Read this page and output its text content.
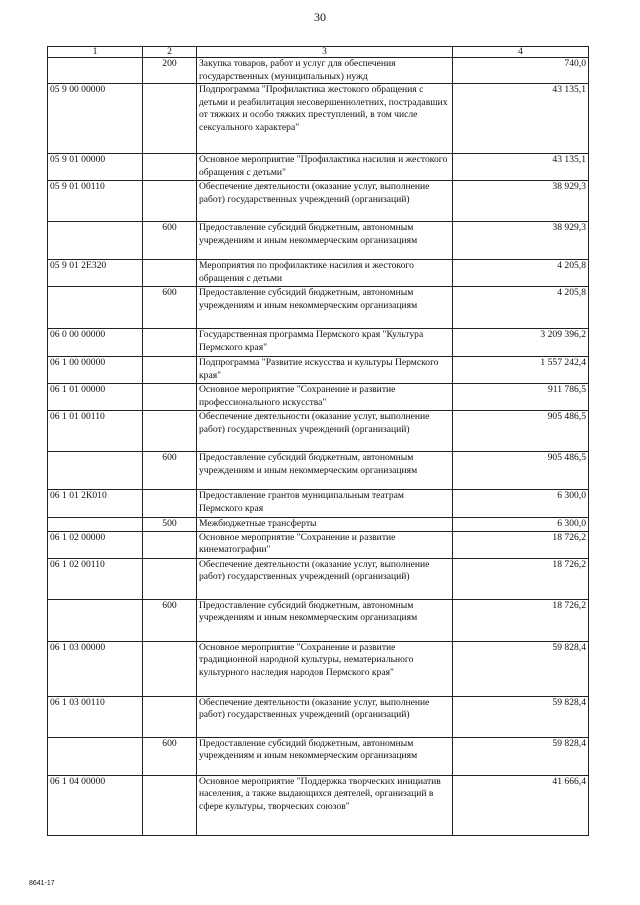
30
1	2	3	4
	200	Закупка товаров, работ и услуг для обеспечения государственных (муниципальных) нужд	740,0
05 9 00 00000		Подпрограмма "Профилактика жестокого обращения с детьми и реабилитация несовершеннолетних, пострадавших от тяжких и особо тяжких преступлений, в том числе сексуального характера"	43 135,1
05 9 01 00000		Основное мероприятие "Профилактика насилия и жестокого обращения с детьми"	43 135,1
05 9 01 00110		Обеспечение деятельности (оказание услуг, выполнение работ) государственных учреждений (организаций)	38 929,3
	600	Предоставление субсидий бюджетным, автономным учреждениям и иным некоммерческим организациям	38 929,3
05 9 01 2Е320		Мероприятия по профилактике насилия и жестокого обращения с детьми	4 205,8
	600	Предоставление субсидий бюджетным, автономным учреждениям и иным некоммерческим организациям	4 205,8
06 0 00 00000		Государственная программа Пермского края "Культура Пермского края"	3 209 396,2
06 1 00 00000		Подпрограмма "Развитие искусства и культуры Пермского края"	1 557 242,4
06 1 01 00000		Основное мероприятие "Сохранение и развитие профессионального искусства"	911 786,5
06 1 01 00110		Обеспечение деятельности (оказание услуг, выполнение работ) государственных учреждений (организаций)	905 486,5
	600	Предоставление субсидий бюджетным, автономным учреждениям и иным некоммерческим организациям	905 486,5
06 1 01 2К010		Предоставление грантов муниципальным театрам Пермского края	6 300,0
	500	Межбюджетные трансферты	6 300,0
06 1 02 00000		Основное мероприятие "Сохранение и развитие кинематографии"	18 726,2
06 1 02 00110		Обеспечение деятельности (оказание услуг, выполнение работ) государственных учреждений (организаций)	18 726,2
	600	Предоставление субсидий бюджетным, автономным учреждениям и иным некоммерческим организациям	18 726,2
06 1 03 00000		Основное мероприятие "Сохранение и развитие традиционной народной культуры, нематериального культурного наследия народов Пермского края"	59 828,4
06 1 03 00110		Обеспечение деятельности (оказание услуг, выполнение работ) государственных учреждений (организаций)	59 828,4
	600	Предоставление субсидий бюджетным, автономным учреждениям и иным некоммерческим организациям	59 828,4
06 1 04 00000		Основное мероприятие "Поддержка творческих инициатив населения, а также выдающихся деятелей, организаций в сфере культуры, творческих союзов"	41 666,4
8641-17
